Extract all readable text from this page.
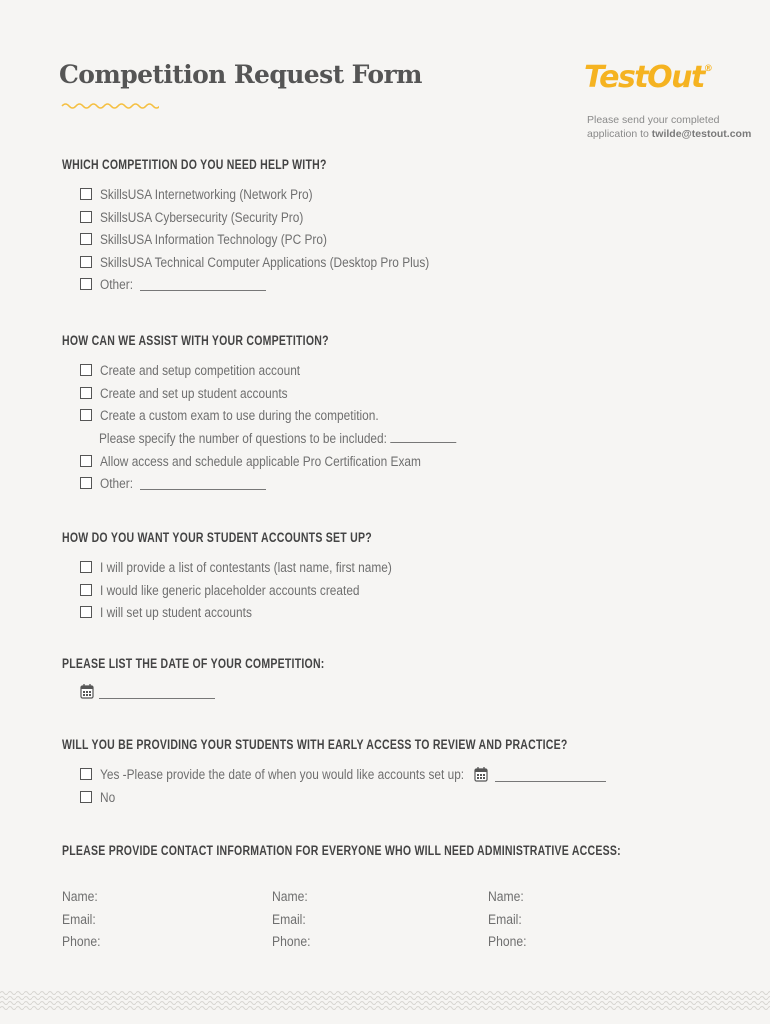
Competition Request Form	TestOut®
Please send your completed application to twilde@testout.com
WHICH COMPETITION DO YOU NEED HELP WITH?
SkillsUSA Internetworking (Network Pro)
SkillsUSA Cybersecurity (Security Pro)
SkillsUSA Information Technology (PC Pro)
SkillsUSA Technical Computer Applications (Desktop Pro Plus)
Other:
HOW CAN WE ASSIST WITH YOUR COMPETITION?
Create and setup competition account
Create and set up student accounts
Create a custom exam to use during the competition.
Please specify the number of questions to be included:
Allow access and schedule applicable Pro Certification Exam
Other:
HOW DO YOU WANT YOUR STUDENT ACCOUNTS SET UP?
I will provide a list of contestants (last name, first name)
I would like generic placeholder accounts created
I will set up student accounts
PLEASE LIST THE DATE OF YOUR COMPETITION:
WILL YOU BE PROVIDING YOUR STUDENTS WITH EARLY ACCESS TO REVIEW AND PRACTICE?
Yes -Please provide the date of when you would like accounts set up:
No
PLEASE PROVIDE CONTACT INFORMATION FOR EVERYONE WHO WILL NEED ADMINISTRATIVE ACCESS:
Name:
Email:
Phone:
Name:
Email:
Phone:
Name:
Email:
Phone:
